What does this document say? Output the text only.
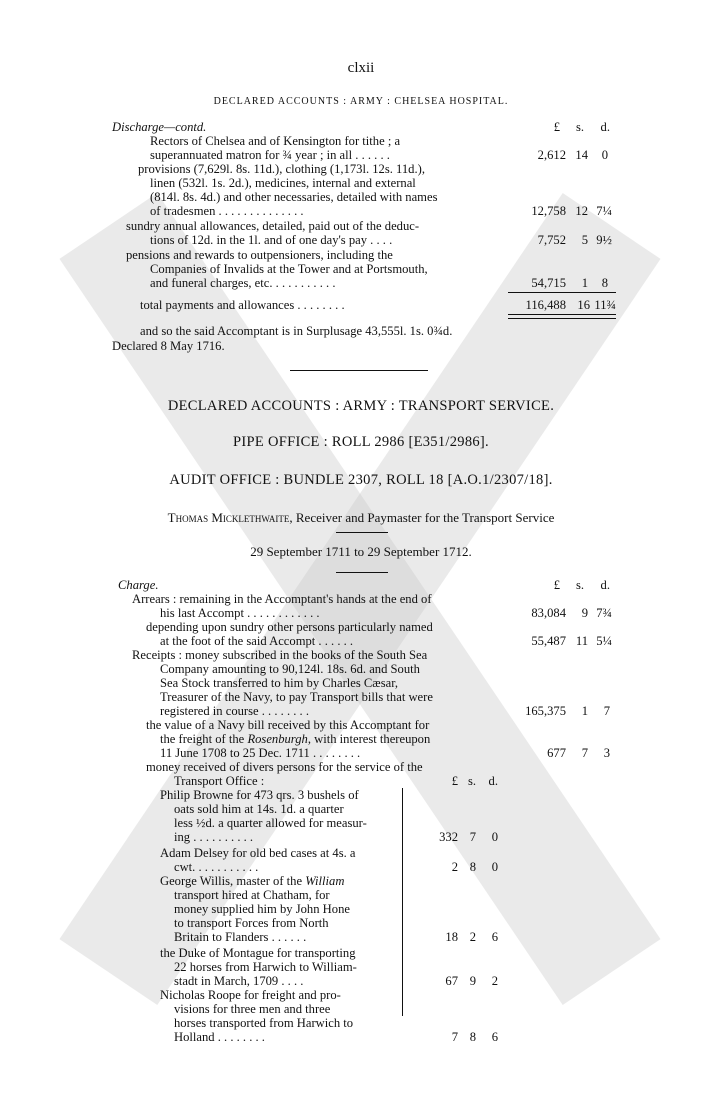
clxii
DECLARED ACCOUNTS : ARMY : CHELSEA HOSPITAL.
Discharge—contd.	£	s.	d.
Rectors of Chelsea and of Kensington for tithe ; a
superannuated matron for ¾ year ; in all . . . . . .	2,612 14	0
provisions (7,629l. 8s. 11d.), clothing (1,173l. 12s. 11d.),
linen (532l. 1s. 2d.), medicines, internal and external
(814l. 8s. 4d.) and other necessaries, detailed with names
of tradesmen . . . . . . . . . . . . . .	12,758 12 7¼
sundry annual allowances, detailed, paid out of the deduc-
tions of 12d. in the 1l. and of one day's pay . . . .	7,752	5 9½
pensions and rewards to outpensioners, including the
Companies of Invalids at the Tower and at Portsmouth,
and funeral charges, etc. . . . . . . . . . .	54,715	1	8
total payments and allowances . . . . . . . .	116,488 16 11¾
and so the said Accomptant is in Surplusage 43,555l. 1s. 0¾d.
Declared 8 May 1716.
DECLARED ACCOUNTS : ARMY : TRANSPORT SERVICE.
PIPE OFFICE : ROLL 2986 [E351/2986].
AUDIT OFFICE : BUNDLE 2307, ROLL 18 [A.O.1/2307/18].
Thomas Micklethwaite, Receiver and Paymaster for the Transport Service
29 September 1711 to 29 September 1712.
Charge.	£	s.	d.
Arrears : remaining in the Accomptant's hands at the end of
his last Accompt . . . . . . . . . . . .	83,084	9 7¾
depending upon sundry other persons particularly named
at the foot of the said Accompt . . . . . .	55,487 11 5¼
Receipts : money subscribed in the books of the South Sea
Company amounting to 90,124l. 18s. 6d. and South
Sea Stock transferred to him by Charles Cæsar,
Treasurer of the Navy, to pay Transport bills that were
registered in course . . . . . . . .	165,375	1	7
the value of a Navy bill received by this Accomptant for
the freight of the Rosenburgh, with interest thereupon
11 June 1708 to 25 Dec. 1711 . . . . . . . .	677	7	3
money received of divers persons for the service of the
Transport Office :	£ s. d.
Philip Browne for 473 qrs. 3 bushels of
oats sold him at 14s. 1d. a quarter
less ½d. a quarter allowed for measur-
ing . . . . . . . . . .	332 7	0
Adam Delsey for old bed cases at 4s. a
cwt. . . . . . . . . . .	2 8	0
George Willis, master of the William
transport hired at Chatham, for
money supplied him by John Hone
to transport Forces from North
Britain to Flanders . . . . . .	18 2	6
the Duke of Montague for transporting
22 horses from Harwich to William-
stadt in March, 1709 . . . .	67 9	2
Nicholas Roope for freight and pro-
visions for three men and three
horses transported from Harwich to
Holland . . . . . . . .	7 8	6
